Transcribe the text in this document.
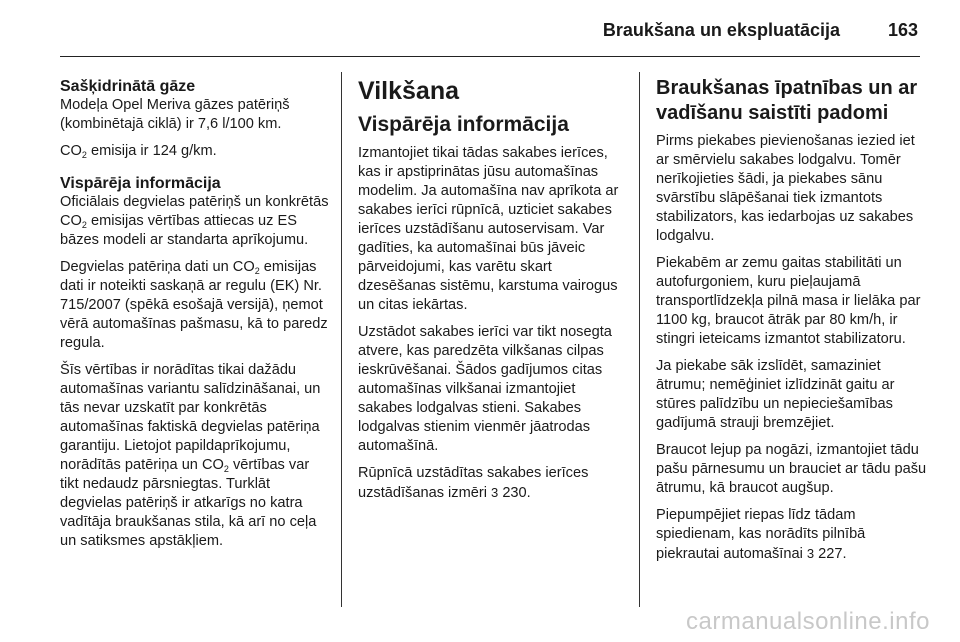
Braukšana un ekspluatācija	163
Sašķidrinātā gāze

Modeļa Opel Meriva gāzes patēriņš (kombinētajā ciklā) ir 7,6 l/100 km.

$CO_2$ emisija ir 124 g/km.

Vispārēja informācija

Oficiālais degvielas patēriņš un konkrētās $CO_2$ emisijas vērtības attiecas uz ES bāzes modeli ar standarta aprīkojumu.

Degvielas patēriņa dati un $CO_2$ emisijas dati ir noteikti saskaņā ar regulu (EK) Nr. 715/2007 (spēkā esošajā versijā), ņemot vērā automašīnas pašmasu, kā to paredz regula.

Šīs vērtības ir norādītas tikai dažādu automašīnas variantu salīdzināšanai, un tās nevar uzskatīt par konkrētās automašīnas faktiskā degvielas patēriņa garantiju. Lietojot papildaprīkojumu, norādītās patēriņa un $CO_2$ vērtības var tikt nedaudz pārsniegtas. Turklāt degvielas patēriņš ir atkarīgs no katra vadītāja braukšanas stila, kā arī no ceļa un satiksmes apstākļiem.

Vilkšana
Vispārēja informācija

Izmantojiet tikai tādas sakabes ierīces, kas ir apstiprinātas jūsu automašīnas modelim. Ja automašīna nav aprīkota ar sakabes ierīci rūpnīcā, uzticiet sakabes ierīces uzstādīšanu autoservisam. Var gadīties, ka automašīnai būs jāveic pārveidojumi, kas varētu skart dzesēšanas sistēmu, karstuma vairogus un citas iekārtas.

Uzstādot sakabes ierīci var tikt nosegta atvere, kas paredzēta vilkšanas cilpas ieskrūvēšanai. Šādos gadījumos citas automašīnas vilkšanai izmantojiet sakabes lodgalvas stieni. Sakabes lodgalvas stienim vienmēr jāatrodas automašīnā.

Rūpnīcā uzstādītas sakabes ierīces uzstādīšanas izmēri 3 230.

Braukšanas īpatnības un ar vadīšanu saistīti padomi

Pirms piekabes pievienošanas iezied iet ar smērvielu sakabes lodgalvu. Tomēr nerīkojieties šādi, ja piekabes sānu svārstību slāpēšanai tiek izmantots stabilizators, kas iedarbojas uz sakabes lodgalvu.

Piekabēm ar zemu gaitas stabilitāti un autofurgoniem, kuru pieļaujamā transportlīdzekļa pilnā masa ir lielāka par 1100 kg, braucot ātrāk par 80 km/h, ir stingri ieteicams izmantot stabilizatoru.

Ja piekabe sāk izslīdēt, samaziniet ātrumu; nemēģiniet izlīdzināt gaitu ar stūres palīdzību un nepieciešamības gadījumā strauji bremzējiet.

Braucot lejup pa nogāzi, izmantojiet tādu pašu pārnesumu un brauciet ar tādu pašu ātrumu, kā braucot augšup.

Piepumpējiet riepas līdz tādam spiedienam, kas norādīts pilnībā piekrautai automašīnai 3 227.

carmanualsonline.info
